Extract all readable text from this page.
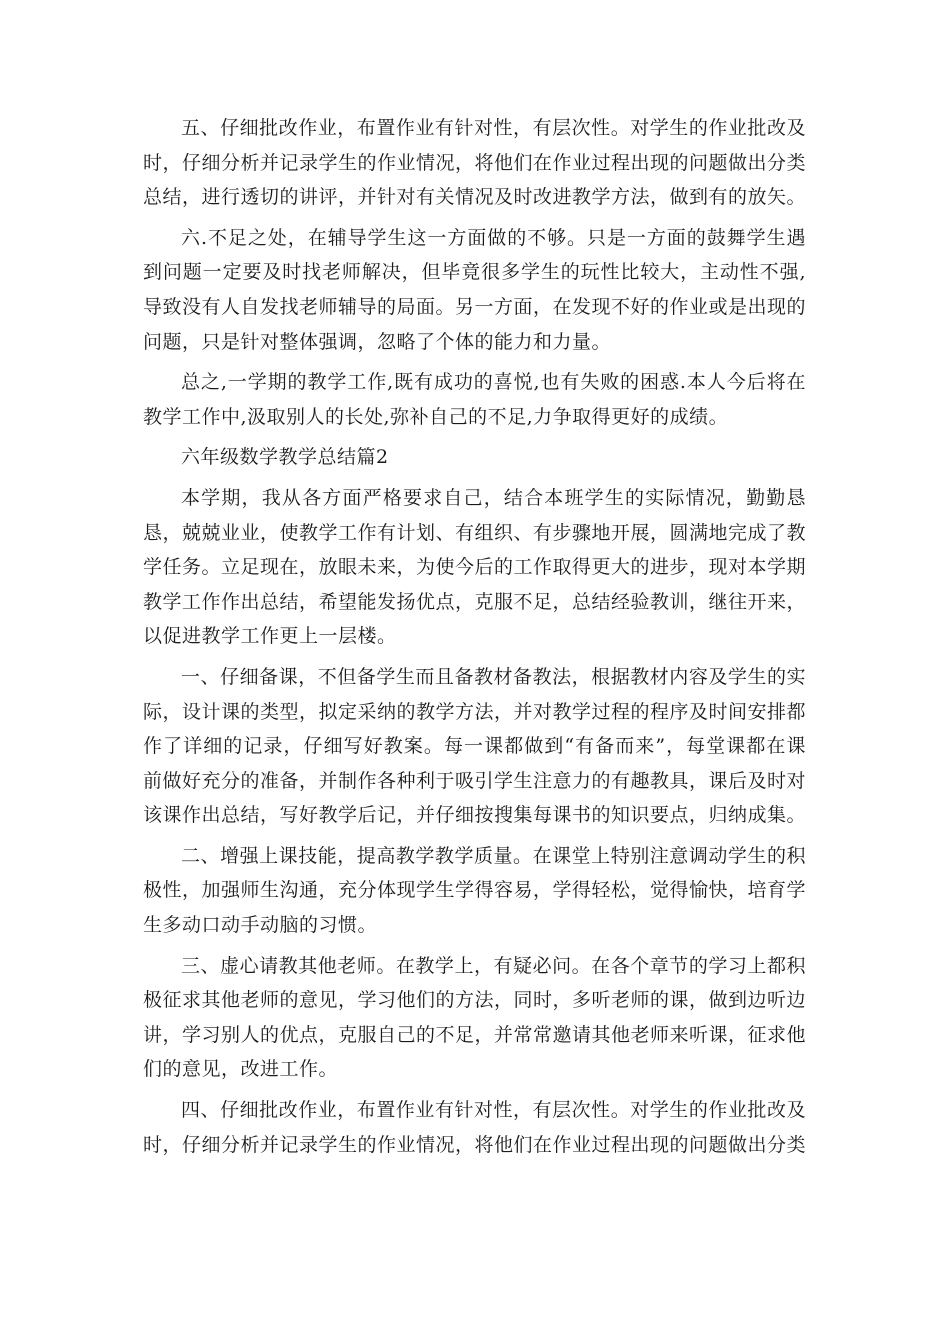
五、仔细批改作业，布置作业有针对性，有层次性。对学生的作业批改及时，仔细分析并记录学生的作业情况，将他们在作业过程出现的问题做出分类总结，进行透切的讲评，并针对有关情况及时改进教学方法，做到有的放矢。

六.不足之处，在辅导学生这一方面做的不够。只是一方面的鼓舞学生遇到问题一定要及时找老师解决，但毕竟很多学生的玩性比较大，主动性不强,导致没有人自发找老师辅导的局面。另一方面，在发现不好的作业或是出现的问题，只是针对整体强调，忽略了个体的能力和力量。

总之,一学期的教学工作,既有成功的喜悦,也有失败的困惑.本人今后将在教学工作中,汲取别人的长处,弥补自己的不足,力争取得更好的成绩。

六年级数学教学总结篇2

本学期，我从各方面严格要求自己，结合本班学生的实际情况，勤勤恳恳，兢兢业业，使教学工作有计划、有组织、有步骤地开展，圆满地完成了教学任务。立足现在，放眼未来，为使今后的工作取得更大的进步，现对本学期教学工作作出总结，希望能发扬优点，克服不足，总结经验教训，继往开来，以促进教学工作更上一层楼。

一、仔细备课，不但备学生而且备教材备教法，根据教材内容及学生的实际，设计课的类型，拟定采纳的教学方法，并对教学过程的程序及时间安排都作了详细的记录，仔细写好教案。每一课都做到“有备而来”，每堂课都在课前做好充分的准备，并制作各种利于吸引学生注意力的有趣教具，课后及时对该课作出总结，写好教学后记，并仔细按搜集每课书的知识要点，归纳成集。

二、增强上课技能，提高教学教学质量。在课堂上特别注意调动学生的积极性，加强师生沟通，充分体现学生学得容易，学得轻松，觉得愉快，培育学生多动口动手动脑的习惯。

三、虚心请教其他老师。在教学上，有疑必问。在各个章节的学习上都积极征求其他老师的意见，学习他们的方法，同时，多听老师的课，做到边听边讲，学习别人的优点，克服自己的不足，并常常邀请其他老师来听课，征求他们的意见，改进工作。

四、仔细批改作业，布置作业有针对性，有层次性。对学生的作业批改及时，仔细分析并记录学生的作业情况，将他们在作业过程出现的问题做出分类
